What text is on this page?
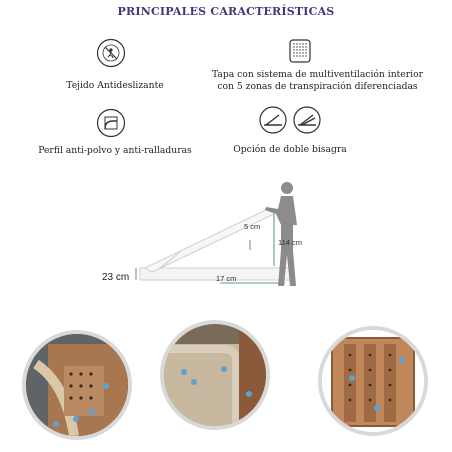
PRINCIPALES CARACTERÍSTICAS
Tejido Antideslizante
Tapa con sistema de multiventilación interior
con 5 zonas de transpiración diferenciadas
Perfil anti-polvo y anti-ralladuras	Opción de doble bisagra
5 cm
114 cm
17 cm
23 cm
